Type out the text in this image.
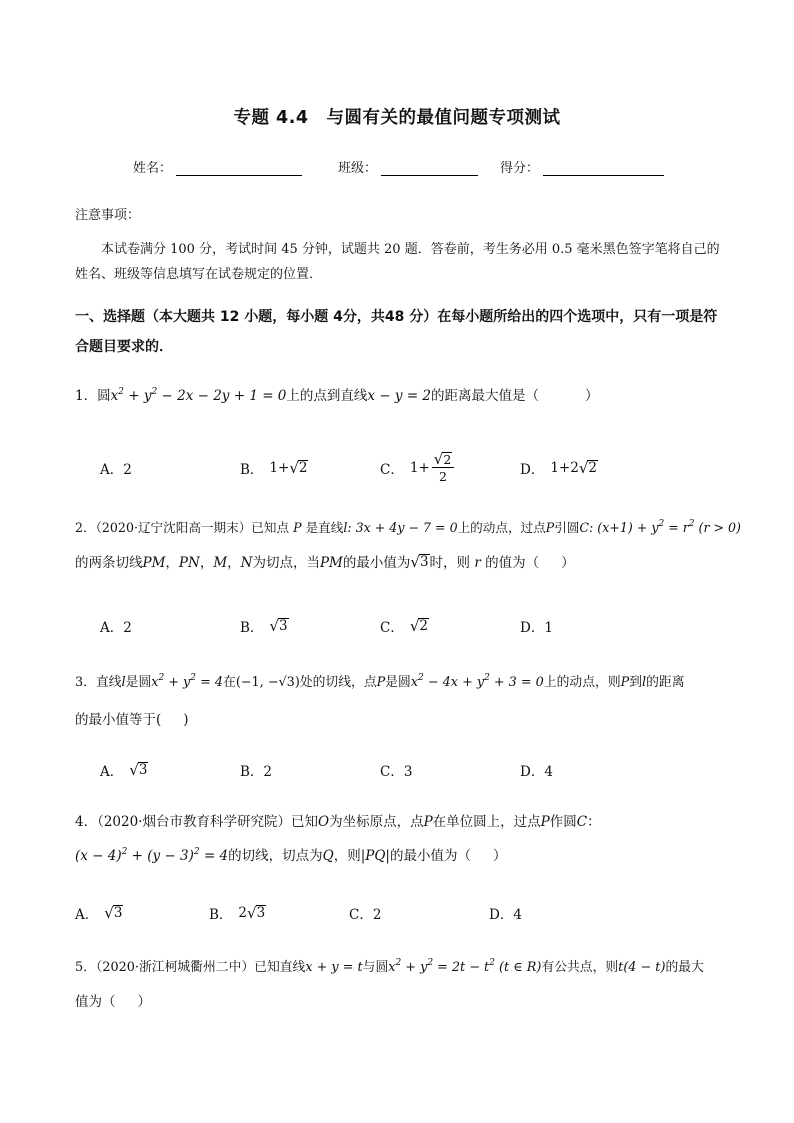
专题 4.4　与圆有关的最值问题专项测试
姓名：	班级：	得分：
注意事项：
本试卷满分 100 分，考试时间 45 分钟，试题共 20 题．答卷前，考生务必用 0.5 毫米黑色签字笔将自己的姓名、班级等信息填写在试卷规定的位置．
一、选择题（本大题共 12 小题，每小题 4分，共48 分）在每小题所给出的四个选项中，只有一项是符合题目要求的．
1．圆$x^2 + y^2 - 2x - 2y + 1 = 0$上的点到直线x − y = 2的距离最大值是（	）
A．2	B． 1+ √ 2	C． $1+ \frac{√ 2}{2}$	D． 1+2 √ 2
2．（2020·辽宁沈阳高一期末）已知点 P 是直线l: 3x + 4y − 7 = 0上的动点，过点P引圆C: $(x+1) + y^2 = r^2$ (r > 0)
的两条切线PM，PN，M，N为切点，当PM的最小值为 √ 3 时，则 r 的值为（ ）
A．2	B． √ 3	C． √ 2	D．1
3．直线l是圆$x^2 + y^2 = 4$在(−1, −√3)处的切线，点P是圆$x^2 - 4x + y^2 + 3 = 0$上的动点，则P到l的距离
的最小值等于( )
A． √ 3	B．2	C．3	D．4
4．（2020·烟台市教育科学研究院）已知O为坐标原点，点P在单位圆上，过点P作圆C：
$(x - 4)^2 + (y - 3)^2 = 4$的切线，切点为Q，则|PQ|的最小值为（ ）
A． √ 3	B． 2 √ 3	C．2	D．4
5．（2020·浙江柯城衢州二中）已知直线x + y = t与圆$x^2 + y^2 = 2t - t^2$ (t ∈ R)有公共点，则t(4 − t)的最大
值为（ ）
